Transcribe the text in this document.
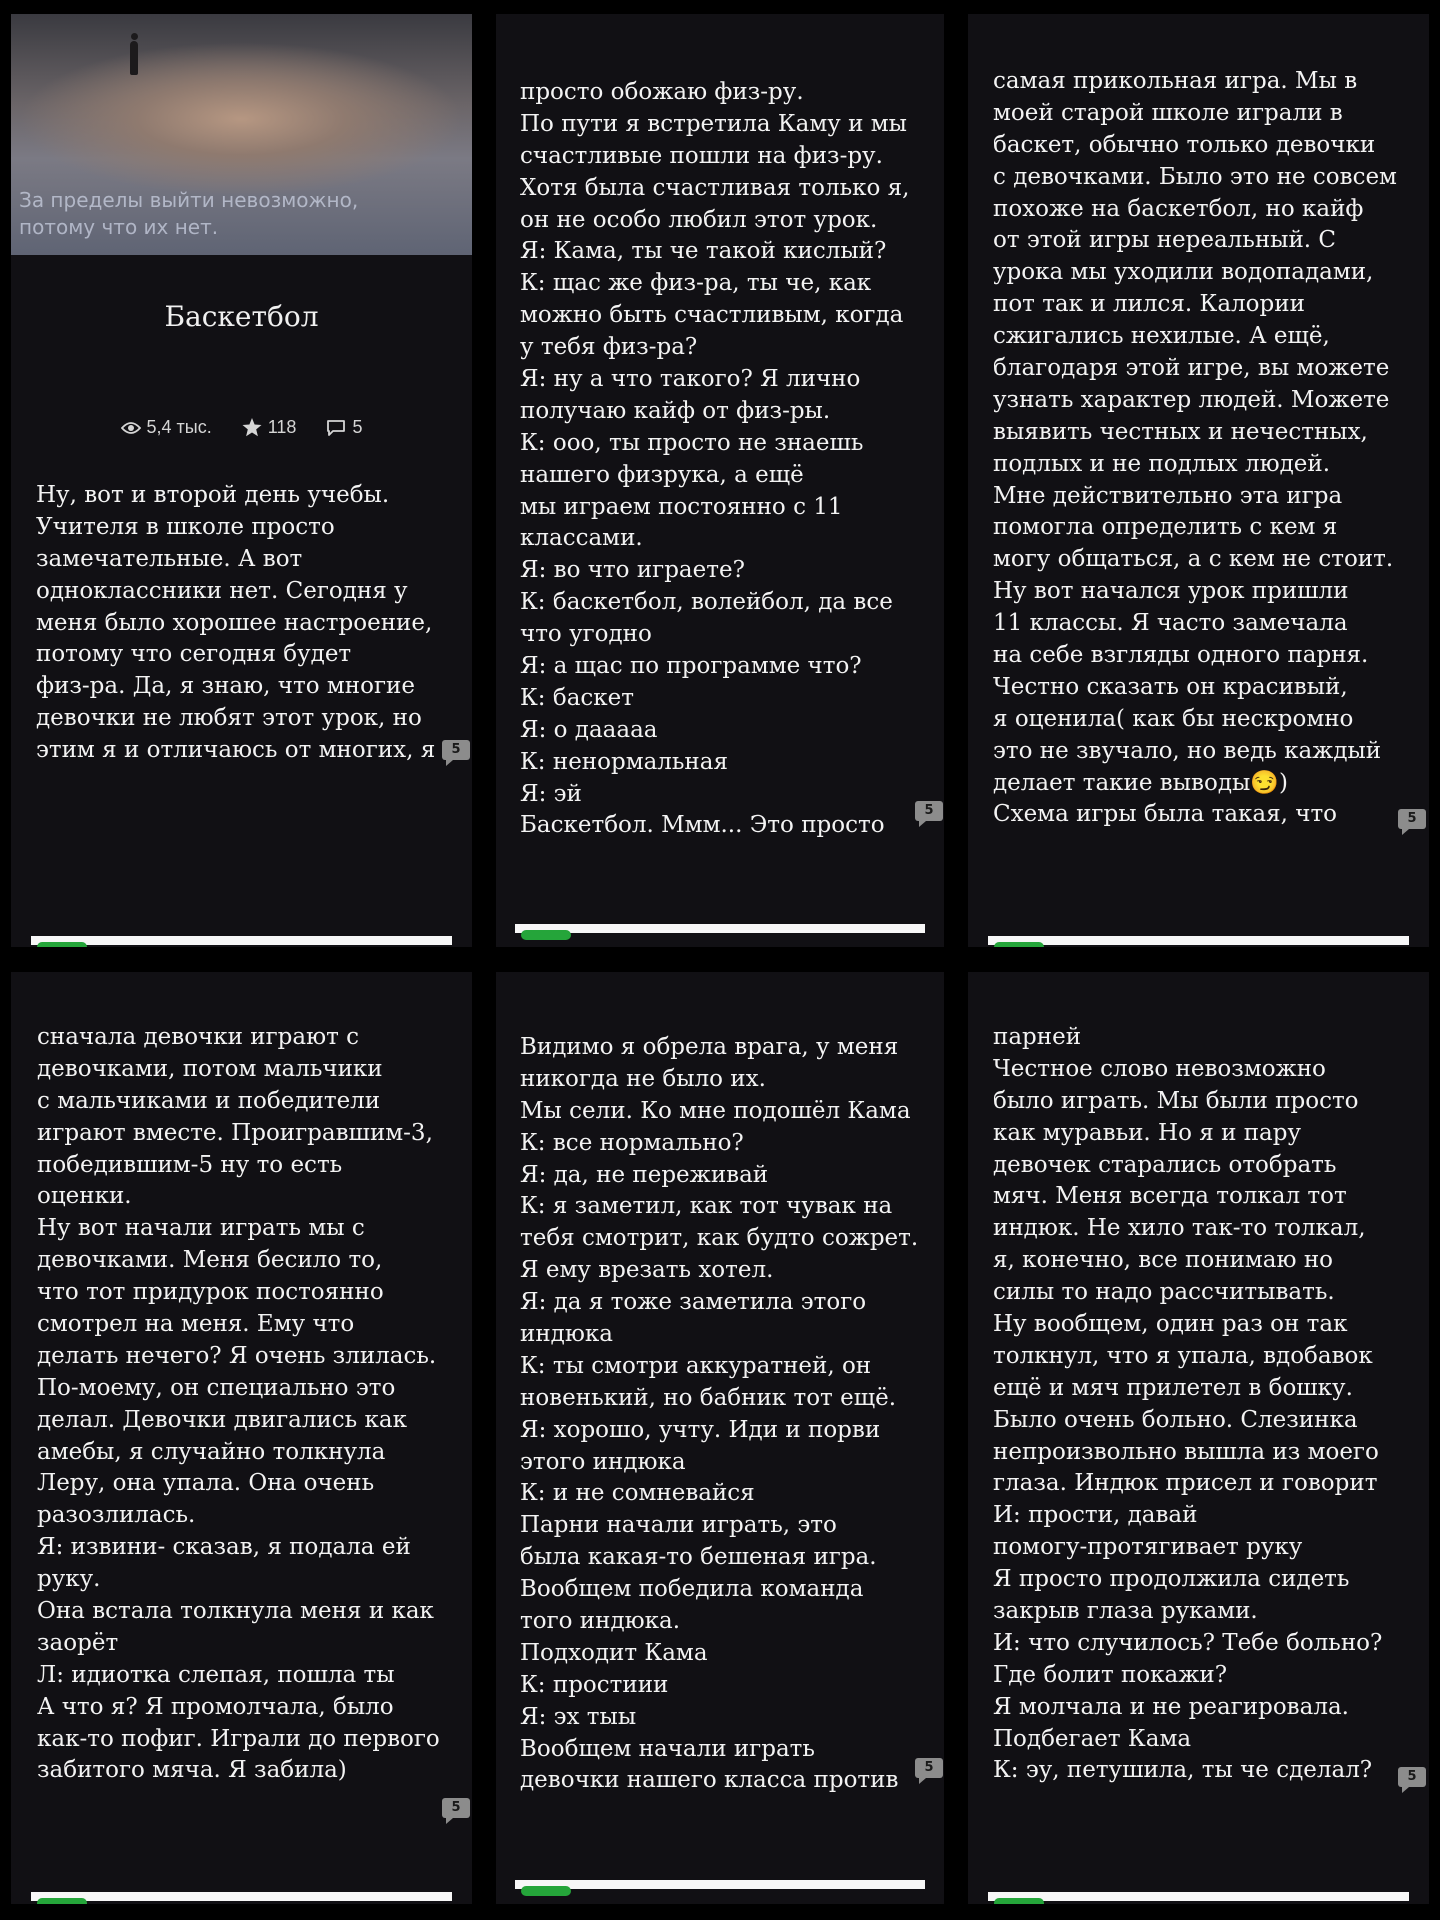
За пределы выйти невозможно,
потому что их нет.
Баскетбол
5,4 тыс.	118	5
Ну, вот и второй день учебы.
Учителя в школе просто
замечательные. А вот
одноклассники нет. Сегодня у
меня было хорошее настроение,
потому что сегодня будет
физ-ра. Да, я знаю, что многие
девочки не любят этот урок, но
этим я и отличаюсь от многих, я	5
просто обожаю физ-ру.
По пути я встретила Каму и мы
счастливые пошли на физ-ру.
Хотя была счастливая только я,
он не особо любил этот урок.
Я: Кама, ты че такой кислый?
К: щас же физ-ра, ты че, как
можно быть счастливым, когда
у тебя физ-ра?
Я: ну а что такого? Я лично
получаю кайф от физ-ры.
К: ооо, ты просто не знаешь
нашего физрука, а ещё
мы играем постоянно с 11
классами.
Я: во что играете?
К: баскетбол, волейбол, да все
что угодно
Я: а щас по программе что?
К: баскет
Я: о дааааа
К: ненормальная
Я: эй
Баскетбол. Ммм... Это просто
5
самая прикольная игра. Мы в
моей старой школе играли в
баскет, обычно только девочки
с девочками. Было это не совсем
похоже на баскетбол, но кайф
от этой игры нереальный. С
урока мы уходили водопадами,
пот так и лился. Калории
сжигались нехилые. А ещё,
благодаря этой игре, вы можете
узнать характер людей. Можете
выявить честных и нечестных,
подлых и не подлых людей.
Мне действительно эта игра
помогла определить с кем я
могу общаться, а с кем не стоит.
Ну вот начался урок пришли
11 классы. Я часто замечала
на себе взгляды одного парня.
Честно сказать он красивый,
я оценила( как бы нескромно
это не звучало, но ведь каждый
делает такие выводы😏)
Схема игры была такая, что	5
сначала девочки играют с
девочками, потом мальчики
с мальчиками и победители
играют вместе. Проигравшим-3,
победившим-5 ну то есть
оценки.
Ну вот начали играть мы с
девочками. Меня бесило то,
что тот придурок постоянно
смотрел на меня. Ему что
делать нечего? Я очень злилась.
По-моему, он специально это
делал. Девочки двигались как
амебы, я случайно толкнула
Леру, она упала. Она очень
разозлилась.
Я: извини- сказав, я подала ей
руку.
Она встала толкнула меня и как
заорёт
Л: идиотка слепая, пошла ты
А что я? Я промолчала, было
как-то пофиг. Играли до первого
забитого мяча. Я забила)
5
Видимо я обрела врага, у меня
никогда не было их.
Мы сели. Ко мне подошёл Кама
К: все нормально?
Я: да, не переживай
К: я заметил, как тот чувак на
тебя смотрит, как будто сожрет.
Я ему врезать хотел.
Я: да я тоже заметила этого
индюка
К: ты смотри аккуратней, он
новенький, но бабник тот ещё.
Я: хорошо, учту. Иди и порви
этого индюка
К: и не сомневайся
Парни начали играть, это
была какая-то бешеная игра.
Вообщем победила команда
того индюка.
Подходит Кама
К: простиии
Я: эх тыы
Вообщем начали играть
девочки нашего класса против	5
парней
Честное слово невозможно
было играть. Мы были просто
как муравьи. Но я и пару
девочек старались отобрать
мяч. Меня всегда толкал тот
индюк. Не хило так-то толкал,
я, конечно, все понимаю но
силы то надо рассчитывать.
Ну вообщем, один раз он так
толкнул, что я упала, вдобавок
ещё и мяч прилетел в бошку.
Было очень больно. Слезинка
непроизвольно вышла из моего
глаза. Индюк присел и говорит
И: прости, давай
помогу-протягивает руку
Я просто продолжила сидеть
закрыв глаза руками.
И: что случилось? Тебе больно?
Где болит покажи?
Я молчала и не реагировала.
Подбегает Кама
К: эу, петушила, ты че сделал?	5
